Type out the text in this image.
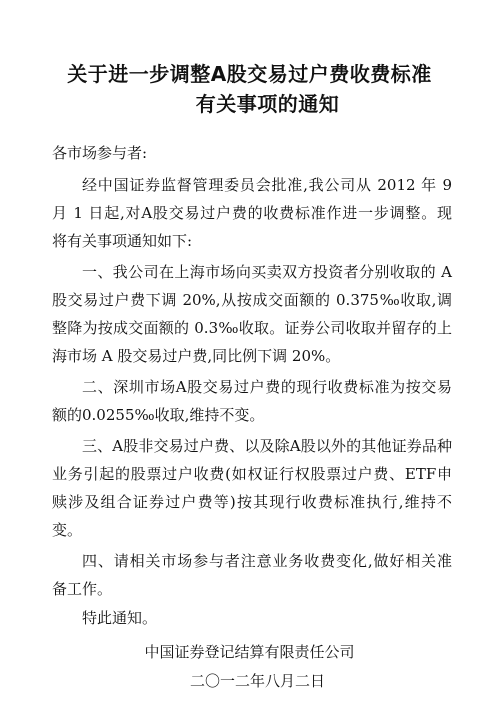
关于进一步调整A股交易过户费收费标准
有关事项的通知
各市场参与者:
经中国证券监督管理委员会批准,我公司从 2012 年 9
月 1 日起,对A股交易过户费的收费标准作进一步调整。现
将有关事项通知如下:
一、我公司在上海市场向买卖双方投资者分别收取的 A
股交易过户费下调 20%,从按成交面额的 0.375‰收取,调
整降为按成交面额的 0.3‰收取。证券公司收取并留存的上
海市场 A 股交易过户费,同比例下调 20%。
二、深圳市场A股交易过户费的现行收费标准为按交易
额的0.0255‰收取,维持不变。
三、A股非交易过户费、以及除A股以外的其他证券品种
业务引起的股票过户收费(如权证行权股票过户费、ETF申
赎涉及组合证券过户费等)按其现行收费标准执行,维持不
变。
四、请相关市场参与者注意业务收费变化,做好相关准
备工作。
特此通知。
中国证券登记结算有限责任公司
二〇一二年八月二日
